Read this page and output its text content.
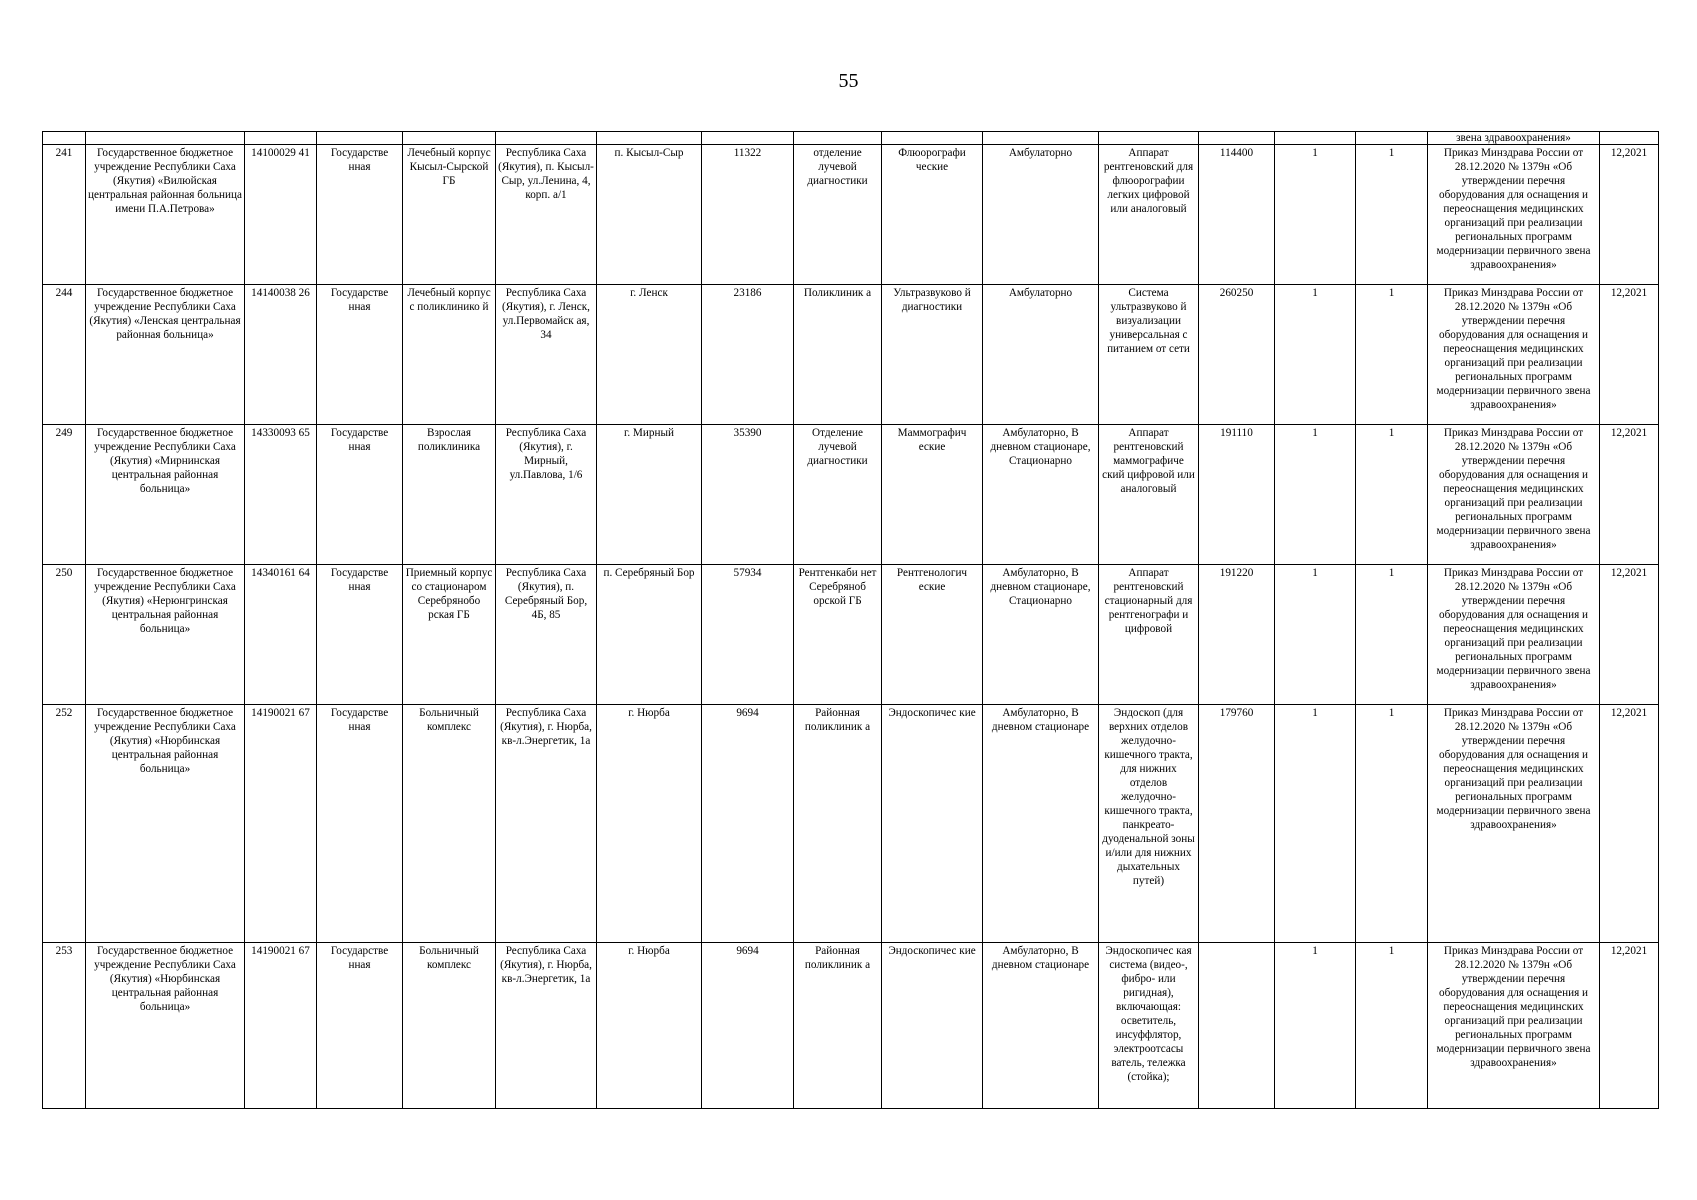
55
															звена здравоохранения»	
241	Государственное бюджетное учреждение Республики Саха (Якутия) «Вилюйская центральная районная больница имени П.А.Петрова»	14100029 41	Государстве нная	Лечебный корпус Кысыл-Сырской ГБ	Республика Саха (Якутия), п. Кысыл-Сыр, ул.Ленина, 4, корп. а/1	п. Кысыл-Сыр	11322	отделение лучевой диагностики	Флюорографи ческие	Амбулаторно	Аппарат рентгеновский для флюорографии легких цифровой или аналоговый	114400	1	1	Приказ Минздрава России от 28.12.2020 № 1379н «Об утверждении перечня оборудования для оснащения и переоснащения медицинских организаций при реализации региональных программ модернизации первичного звена здравоохранения»	12,2021
244	Государственное бюджетное учреждение Республики Саха (Якутия) «Ленская центральная районная больница»	14140038 26	Государстве нная	Лечебный корпус с поликлинико й	Республика Саха (Якутия), г. Ленск, ул.Первомайск ая, 34	г. Ленск	23186	Поликлиник а	Ультразвуково й диагностики	Амбулаторно	Система ультразвуково й визуализации универсальная с питанием от сети	260250	1	1	Приказ Минздрава России от 28.12.2020 № 1379н «Об утверждении перечня оборудования для оснащения и переоснащения медицинских организаций при реализации региональных программ модернизации первичного звена здравоохранения»	12,2021
249	Государственное бюджетное учреждение Республики Саха (Якутия) «Мирнинская центральная районная больница»	14330093 65	Государстве нная	Взрослая поликлиника	Республика Саха (Якутия), г. Мирный, ул.Павлова, 1/6	г. Мирный	35390	Отделение лучевой диагностики	Маммографич еские	Амбулаторно, В дневном стационаре, Стационарно	Аппарат рентгеновский маммографиче ский цифровой или аналоговый	191110	1	1	Приказ Минздрава России от 28.12.2020 № 1379н «Об утверждении перечня оборудования для оснащения и переоснащения медицинских организаций при реализации региональных программ модернизации первичного звена здравоохранения»	12,2021
250	Государственное бюджетное учреждение Республики Саха (Якутия) «Нерюнгринская центральная районная больница»	14340161 64	Государстве нная	Приемный корпус со стационаром Серебрянобо рская ГБ	Республика Саха (Якутия), п. Серебряный Бор, 4Б, 85	п. Серебряный Бор	57934	Рентгенкаби нет Серебряноб орской ГБ	Рентгенологич еские	Амбулаторно, В дневном стационаре, Стационарно	Аппарат рентгеновский стационарный для рентгенографи и цифровой	191220	1	1	Приказ Минздрава России от 28.12.2020 № 1379н «Об утверждении перечня оборудования для оснащения и переоснащения медицинских организаций при реализации региональных программ модернизации первичного звена здравоохранения»	12,2021
252	Государственное бюджетное учреждение Республики Саха (Якутия) «Нюрбинская центральная районная больница»	14190021 67	Государстве нная	Больничный комплекс	Республика Саха (Якутия), г. Нюрба, кв-л.Энергетик, 1а	г. Нюрба	9694	Районная поликлиник а	Эндоскопичес кие	Амбулаторно, В дневном стационаре	Эндоскоп (для верхних отделов желудочно-кишечного тракта, для нижних отделов желудочно-кишечного тракта, панкреато-дуоденальной зоны и/или для нижних дыхательных путей)	179760	1	1	Приказ Минздрава России от 28.12.2020 № 1379н «Об утверждении перечня оборудования для оснащения и переоснащения медицинских организаций при реализации региональных программ модернизации первичного звена здравоохранения»	12,2021
253	Государственное бюджетное учреждение Республики Саха (Якутия) «Нюрбинская центральная районная больница»	14190021 67	Государстве нная	Больничный комплекс	Республика Саха (Якутия), г. Нюрба, кв-л.Энергетик, 1а	г. Нюрба	9694	Районная поликлиник а	Эндоскопичес кие	Амбулаторно, В дневном стационаре	Эндоскопичес кая система (видео-, фибро- или ригидная), включающая: осветитель, инсуффлятор, электроотсасы ватель, тележка (стойка);		1	1	Приказ Минздрава России от 28.12.2020 № 1379н «Об утверждении перечня оборудования для оснащения и переоснащения медицинских организаций при реализации региональных программ модернизации первичного звена здравоохранения»	12,2021
